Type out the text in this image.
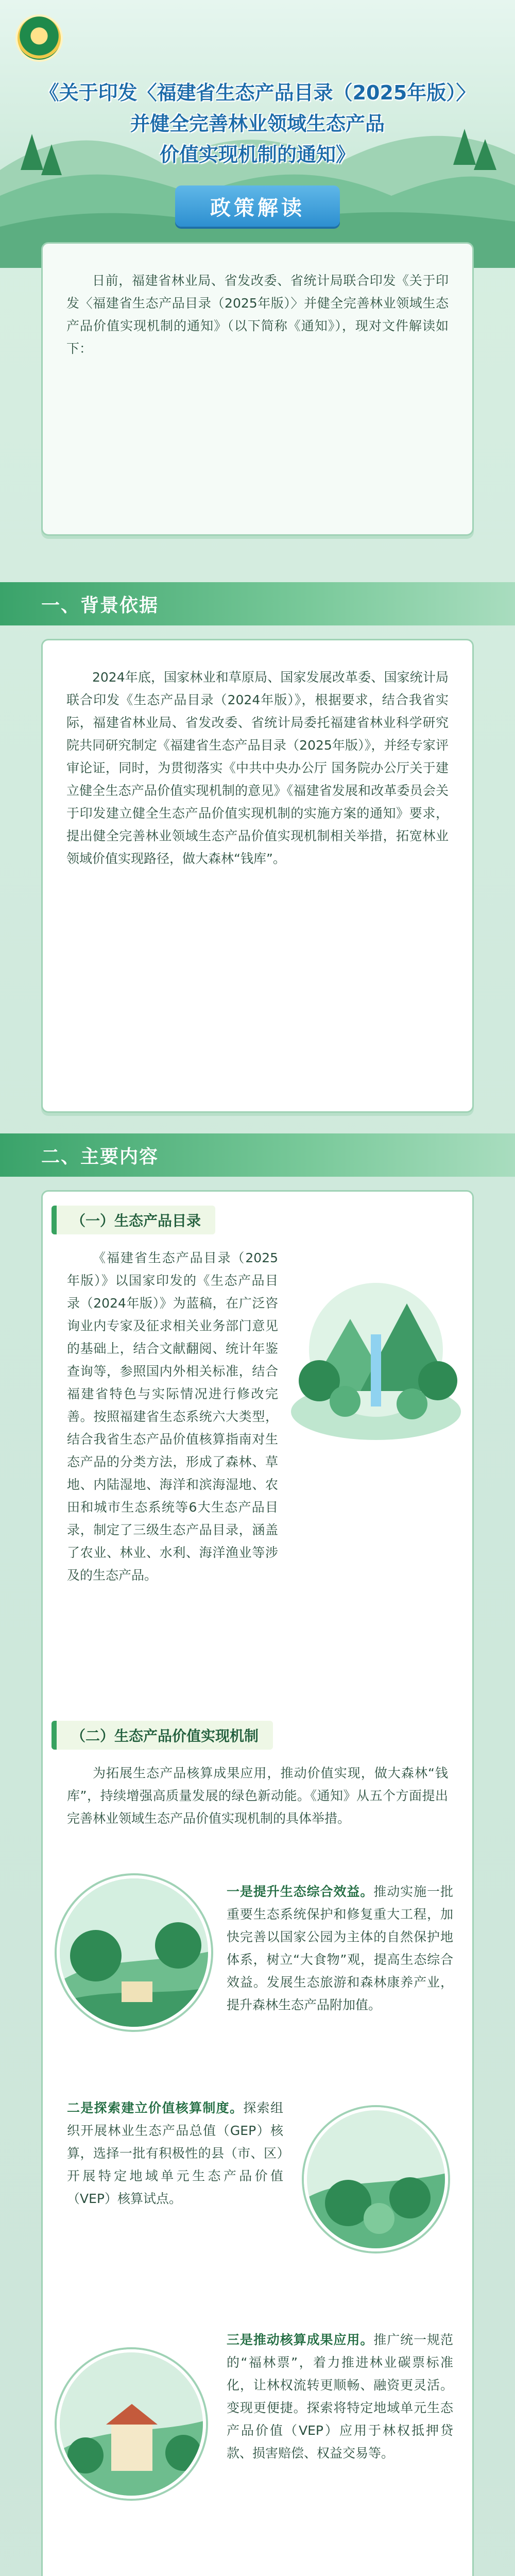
《关于印发〈福建省生态产品目录（2025年版）〉
并健全完善林业领域生态产品
价值实现机制的通知》
政策解读

日前，福建省林业局、省发改委、省统计局联合印发《关于印发〈福建省生态产品目录（2025年版）〉并健全完善林业领域生态产品价值实现机制的通知》（以下简称《通知》），现对文件解读如下：

一、背景依据

2024年底，国家林业和草原局、国家发展改革委、国家统计局联合印发《生态产品目录（2024年版）》，根据要求，结合我省实际，福建省林业局、省发改委、省统计局委托福建省林业科学研究院共同研究制定《福建省生态产品目录（2025年版）》，并经专家评审论证，同时，为贯彻落实《中共中央办公厅 国务院办公厅关于建立健全生态产品价值实现机制的意见》《福建省发展和改革委员会关于印发建立健全生态产品价值实现机制的实施方案的通知》要求，提出健全完善林业领域生态产品价值实现机制相关举措，拓宽林业领域价值实现路径，做大森林“钱库”。

二、主要内容
（一）生态产品目录

《福建省生态产品目录（2025年版）》以国家印发的《生态产品目录（2024年版）》为蓝稿，在广泛咨询业内专家及征求相关业务部门意见的基础上，结合文献翻阅、统计年鉴查询等，参照国内外相关标准，结合福建省特色与实际情况进行修改完善。按照福建省生态系统六大类型，结合我省生态产品价值核算指南对生态产品的分类方法，形成了森林、草地、内陆湿地、海洋和滨海湿地、农田和城市生态系统等6大生态产品目录，制定了三级生态产品目录，涵盖了农业、林业、水利、海洋渔业等涉及的生态产品。

（二）生态产品价值实现机制

为拓展生态产品核算成果应用，推动价值实现，做大森林“钱库”，持续增强高质量发展的绿色新动能。《通知》从五个方面提出完善林业领域生态产品价值实现机制的具体举措。

一是提升生态综合效益。推动实施一批重要生态系统保护和修复重大工程，加快完善以国家公园为主体的自然保护地体系，树立“大食物”观，提高生态综合效益。发展生态旅游和森林康养产业，提升森林生态产品附加值。

二是探索建立价值核算制度。探索组织开展林业生态产品总值（GEP）核算，选择一批有积极性的县（市、区）开展特定地域单元生态产品价值（VEP）核算试点。

三是推动核算成果应用。推广统一规范的“福林票”，着力推进林业碳票标准化，让林权流转更顺畅、融资更灵活。变现更便捷。探索将特定地域单元生态产品价值（VEP）应用于林权抵押贷款、损害赔偿、权益交易等。
